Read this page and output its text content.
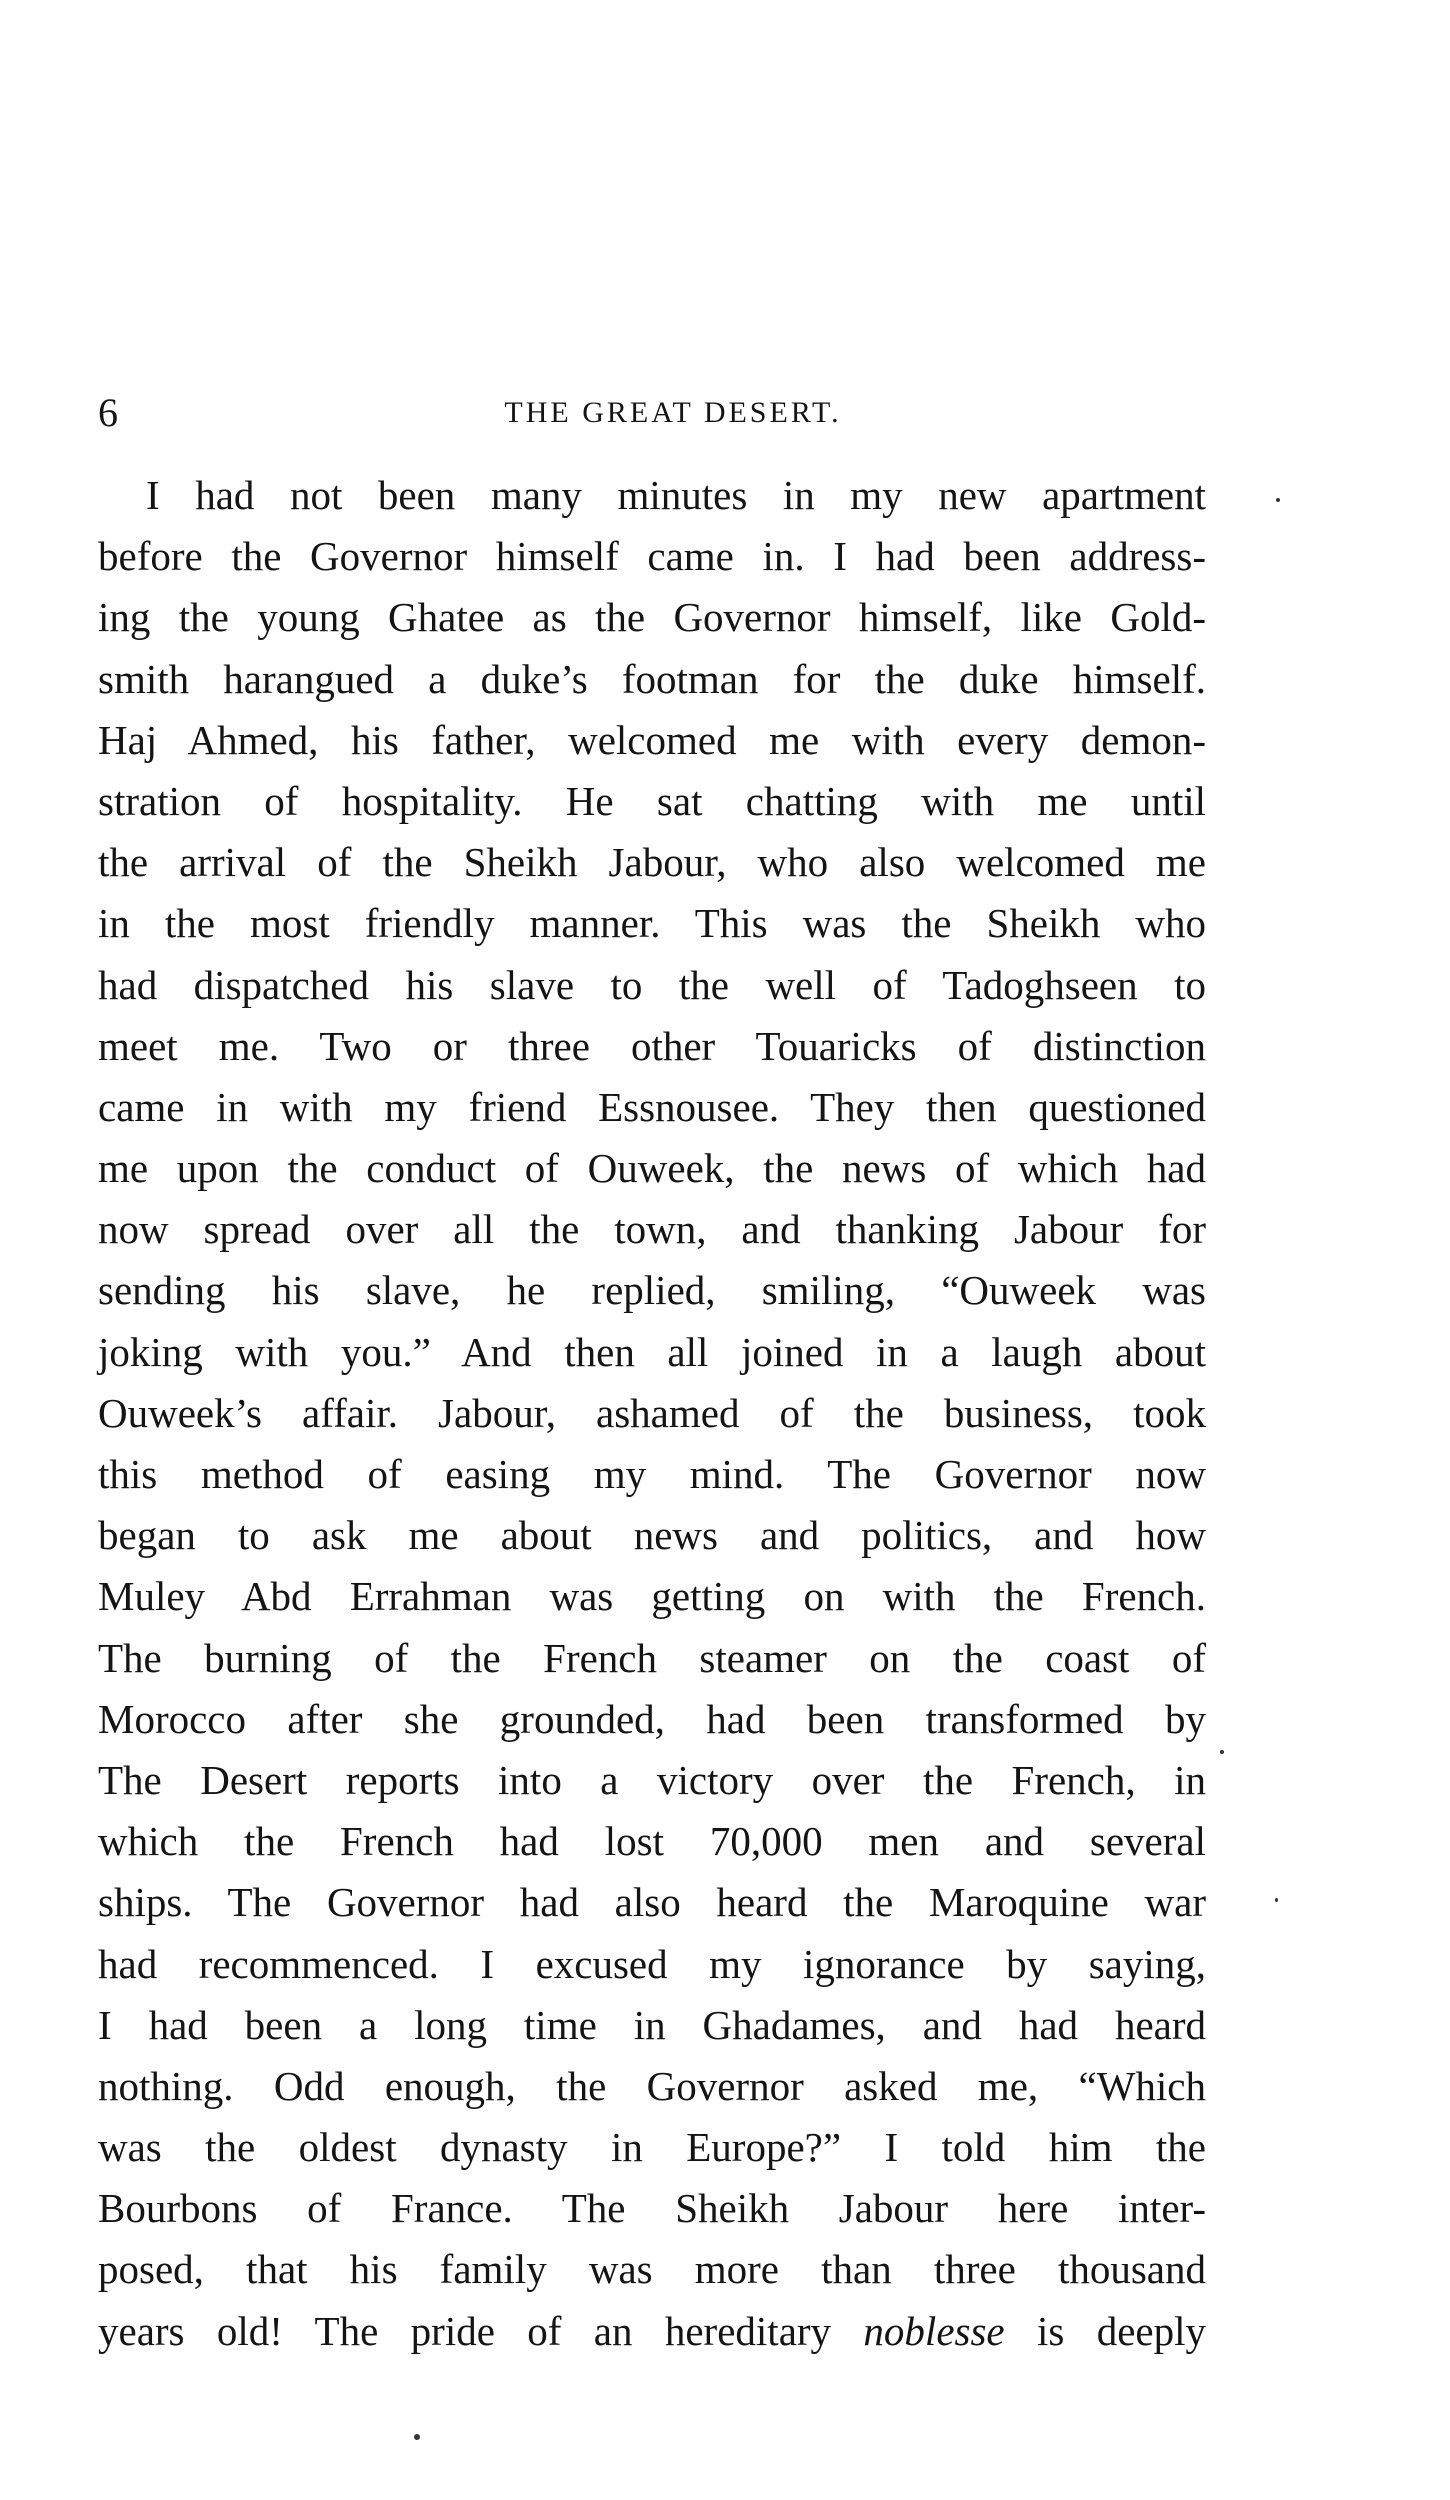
6	THE GREAT DESERT.
I had not been many minutes in my new apartment
before the Governor himself came in. I had been address-
ing the young Ghatee as the Governor himself, like Gold-
smith harangued a duke’s footman for the duke himself.
Haj Ahmed, his father, welcomed me with every demon-
stration of hospitality. He sat chatting with me until
the arrival of the Sheikh Jabour, who also welcomed me
in the most friendly manner. This was the Sheikh who
had dispatched his slave to the well of Tadoghseen to
meet me. Two or three other Touaricks of distinction
came in with my friend Essnousee. They then questioned
me upon the conduct of Ouweek, the news of which had
now spread over all the town, and thanking Jabour for
sending his slave, he replied, smiling, “Ouweek was
joking with you.” And then all joined in a laugh about
Ouweek’s affair. Jabour, ashamed of the business, took
this method of easing my mind. The Governor now
began to ask me about news and politics, and how
Muley Abd Errahman was getting on with the French.
The burning of the French steamer on the coast of
Morocco after she grounded, had been transformed by
The Desert reports into a victory over the French, in
which the French had lost 70,000 men and several
ships. The Governor had also heard the Maroquine war
had recommenced. I excused my ignorance by saying,
I had been a long time in Ghadames, and had heard
nothing. Odd enough, the Governor asked me, “Which
was the oldest dynasty in Europe?” I told him the
Bourbons of France. The Sheikh Jabour here inter-
posed, that his family was more than three thousand
years old! The pride of an hereditary noblesse is deeply
